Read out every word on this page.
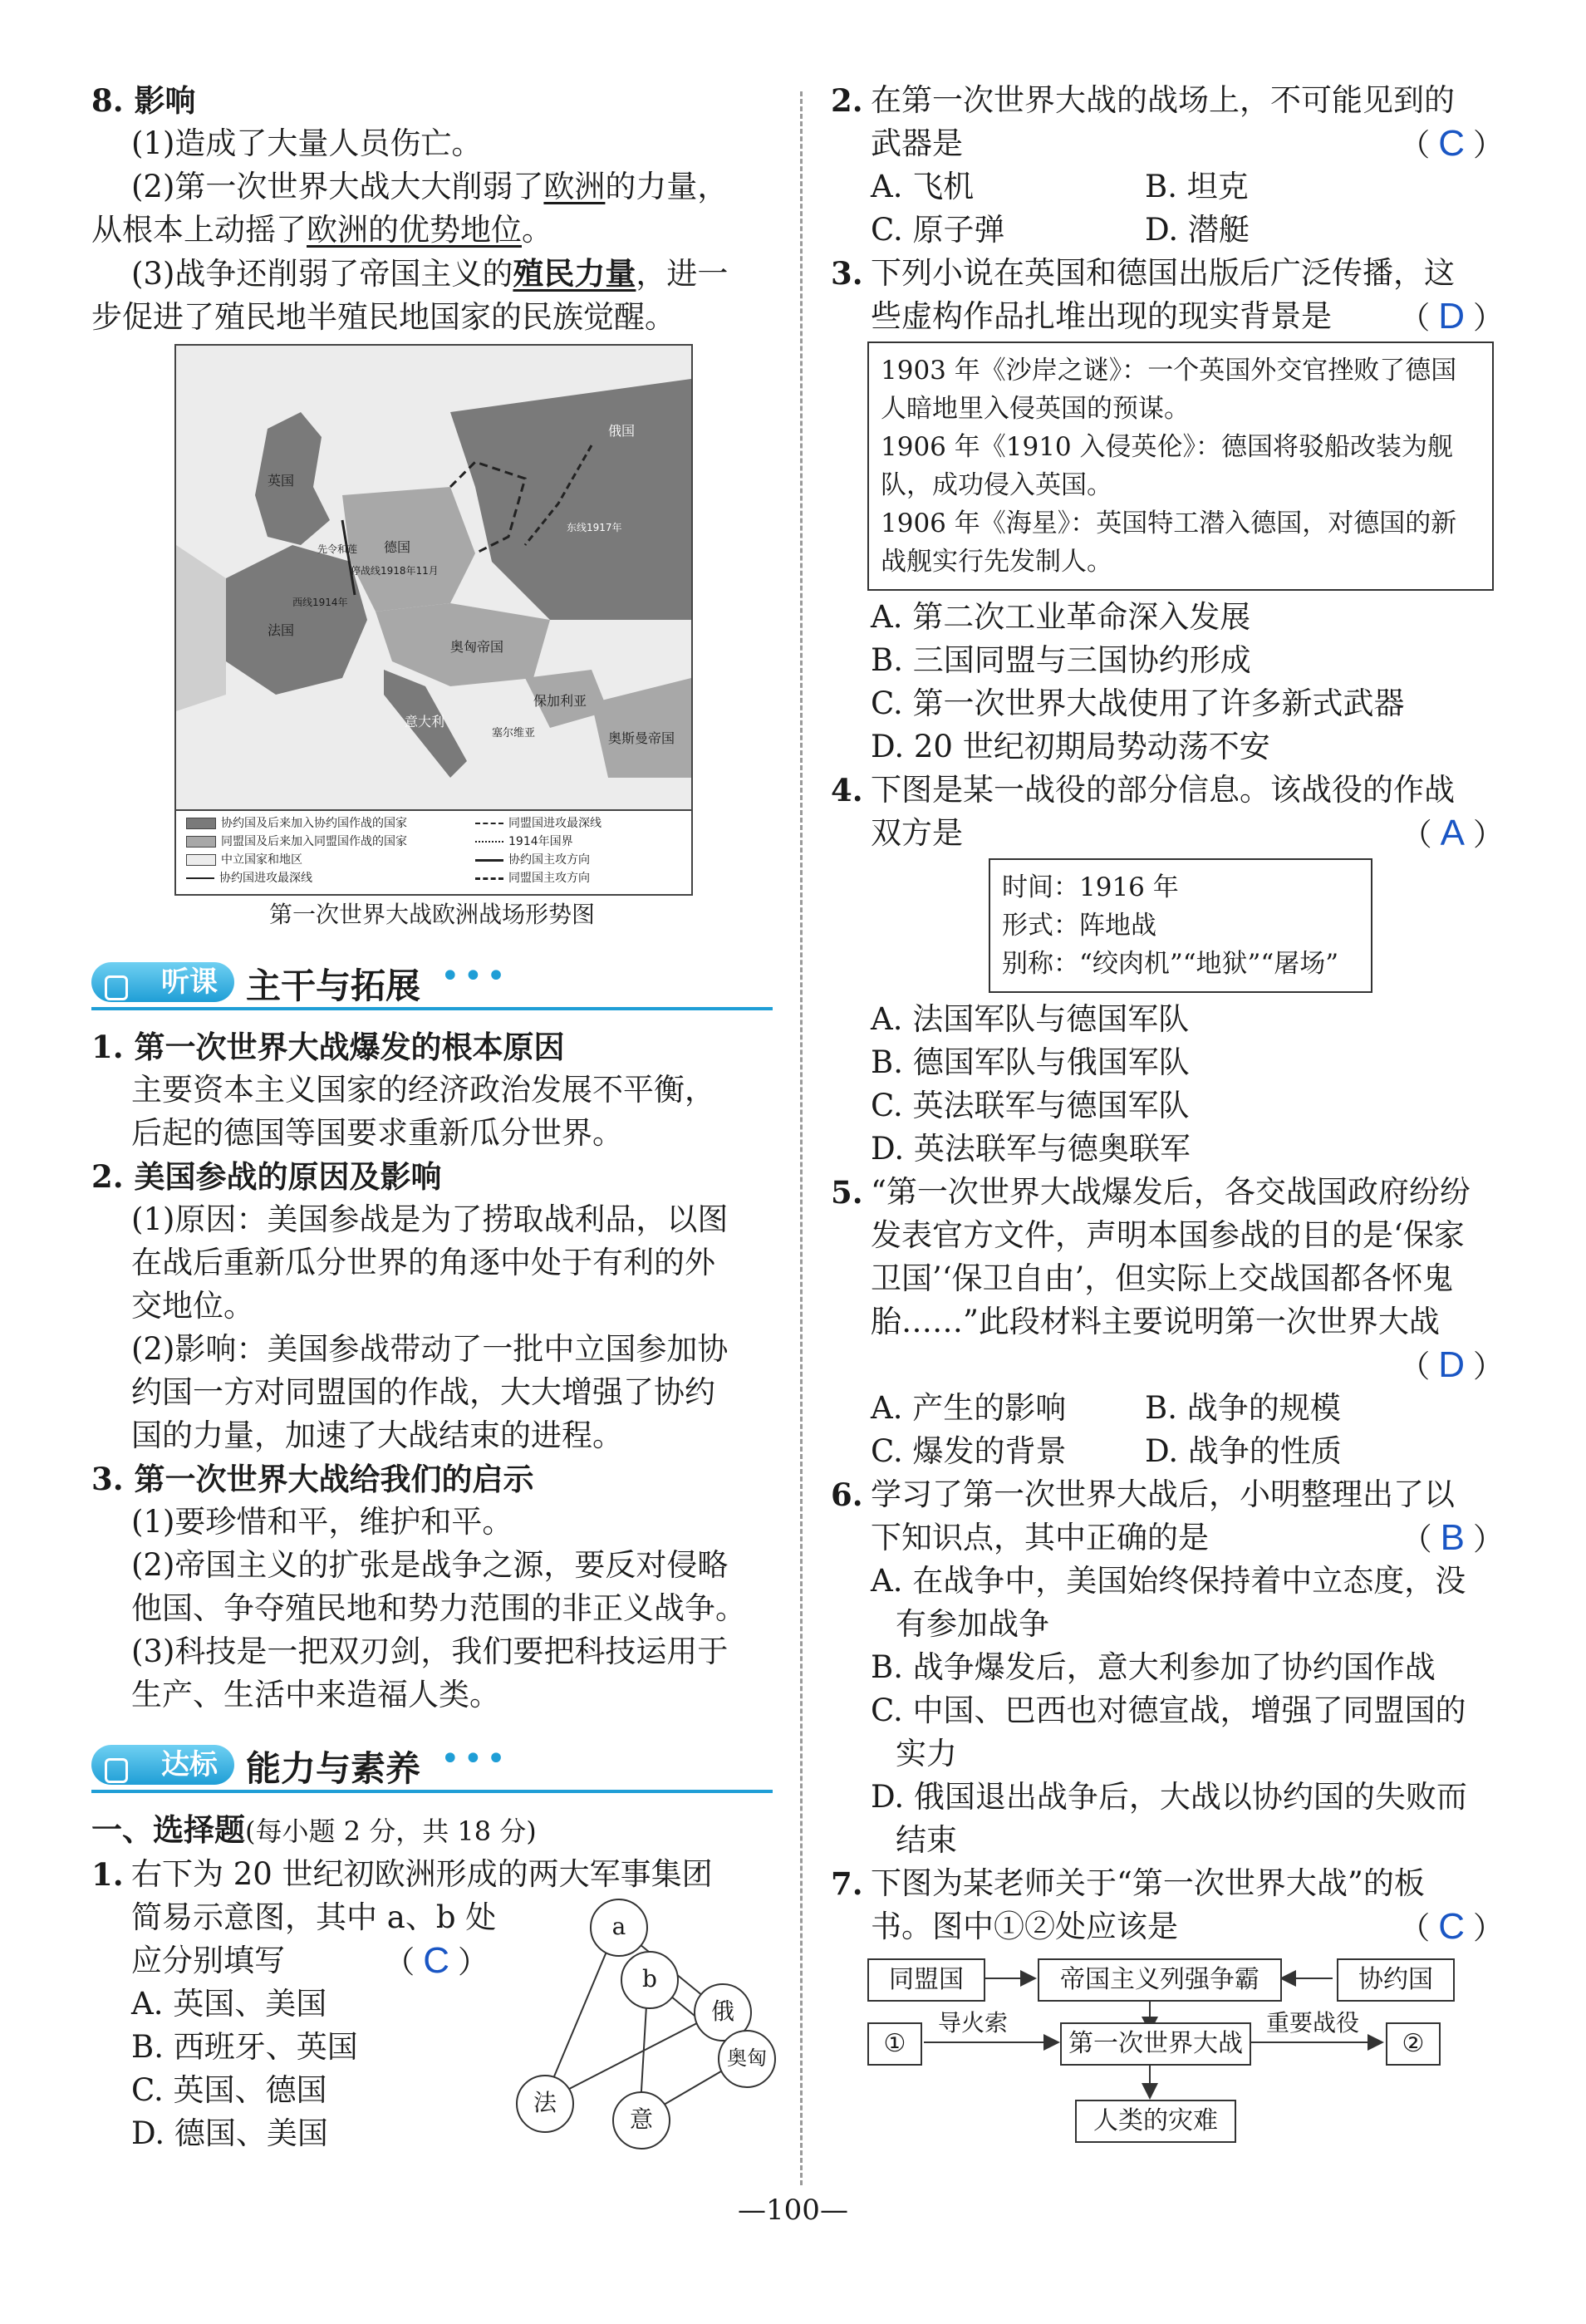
8. 影响
(1)造成了大量人员伤亡。
(2)第一次世界大战大大削弱了欧洲的力量，
从根本上动摇了欧洲的优势地位。
(3)战争还削弱了帝国主义的殖民力量，进一
步促进了殖民地半殖民地国家的民族觉醒。
英国
德国
法国
俄国
奥匈帝国
意大利
保加利亚
奥斯曼帝国
塞尔维亚
先令和莲
西线1914年
停战线1918年11月
东线1917年
协约国及后来加入协约国作战的国家
同盟国及后来加入同盟国作战的国家
中立国家和地区
协约国进攻最深线
同盟国进攻最深线
1914年国界
协约国主攻方向
同盟国主攻方向
第一次世界大战欧洲战场形势图
听课 主干与拓展 •••
1. 第一次世界大战爆发的根本原因
主要资本主义国家的经济政治发展不平衡，
后起的德国等国要求重新瓜分世界。
2. 美国参战的原因及影响
(1)原因：美国参战是为了捞取战利品，以图
在战后重新瓜分世界的角逐中处于有利的外
交地位。
(2)影响：美国参战带动了一批中立国参加协
约国一方对同盟国的作战，大大增强了协约
国的力量，加速了大战结束的进程。
3. 第一次世界大战给我们的启示
(1)要珍惜和平，维护和平。
(2)帝国主义的扩张是战争之源，要反对侵略
他国、争夺殖民地和势力范围的非正义战争。
(3)科技是一把双刃剑，我们要把科技运用于
生产、生活中来造福人类。
达标 能力与素养 •••
一、选择题(每小题 2 分，共 18 分)
1. 右下为 20 世纪初欧洲形成的两大军事集团
简易示意图，其中 a、b 处
应分别填写	（ C ）
A. 英国、美国
B. 西班牙、英国
C. 英国、德国
D. 德国、美国
a
b
俄
奥匈
法
意
2. 在第一次世界大战的战场上，不可能见到的
武器是	（ C ）
A. 飞机	B. 坦克
C. 原子弹	D. 潜艇
3. 下列小说在英国和德国出版后广泛传播，这
些虚构作品扎堆出现的现实背景是 （ D ）
1903 年《沙岸之谜》：一个英国外交官挫败了德国
人暗地里入侵英国的预谋。
1906 年《1910 入侵英伦》：德国将驳船改装为舰
队，成功侵入英国。
1906 年《海星》：英国特工潜入德国，对德国的新
战舰实行先发制人。
A. 第二次工业革命深入发展
B. 三国同盟与三国协约形成
C. 第一次世界大战使用了许多新式武器
D. 20 世纪初期局势动荡不安
4. 下图是某一战役的部分信息。该战役的作战
双方是	（ A ）
时间：1916 年
形式：阵地战
别称：“绞肉机”“地狱”“屠场”
A. 法国军队与德国军队
B. 德国军队与俄国军队
C. 英法联军与德国军队
D. 英法联军与德奥联军
5. “第一次世界大战爆发后，各交战国政府纷纷
发表官方文件，声明本国参战的目的是‘保家
卫国’‘保卫自由’，但实际上交战国都各怀鬼
胎……”此段材料主要说明第一次世界大战
（ D ）

A. 产生的影响	B. 战争的规模
C. 爆发的背景	D. 战争的性质
6. 学习了第一次世界大战后，小明整理出了以
下知识点，其中正确的是	（ B ）
A. 在战争中，美国始终保持着中立态度，没
有参加战争
B. 战争爆发后，意大利参加了协约国作战
C. 中国、巴西也对德宣战，增强了同盟国的
实力
D. 俄国退出战争后，大战以协约国的失败而
结束
7. 下图为某老师关于“第一次世界大战”的板
书。图中①②处应该是	（ C ）
同盟国	帝国主义列强争霸	协约国
①
导火索
第一次世界大战
重要战役
②
人类的灾难
—100—
